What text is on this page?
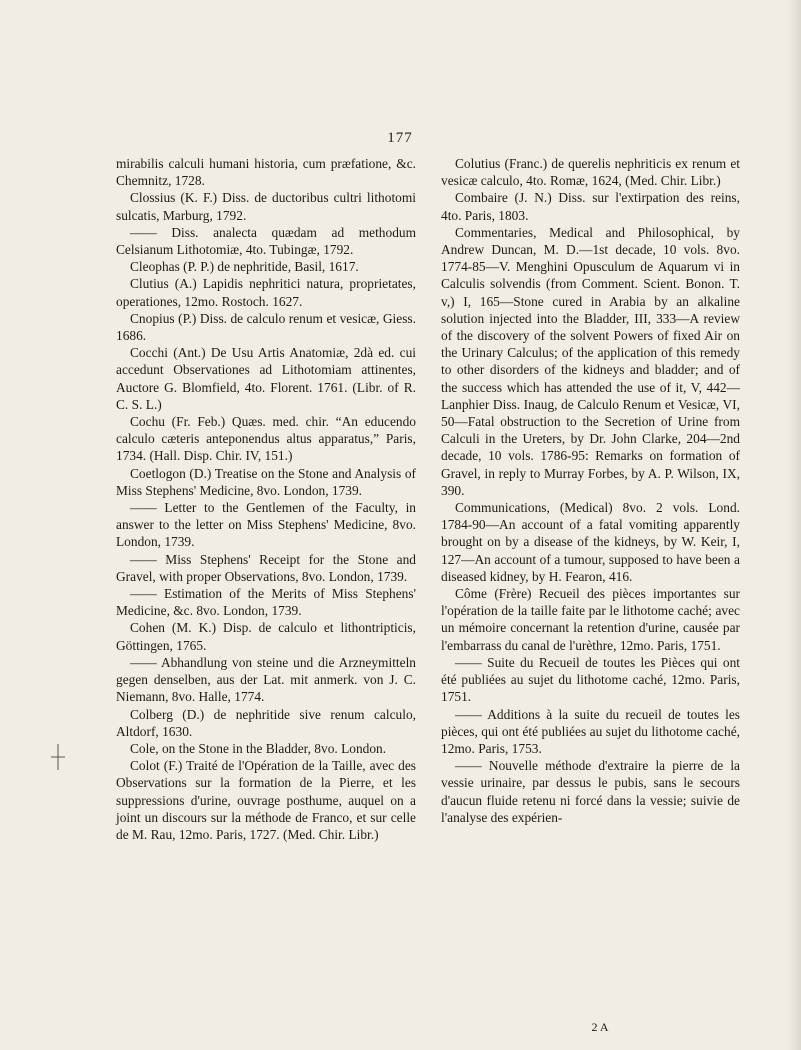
177

mirabilis calculi humani historia, cum præfatione, &c. Chemnitz, 1728.

Clossius (K. F.) Diss. de ductoribus cultri lithotomi sulcatis, Marburg, 1792.

—— Diss. analecta quædam ad methodum Celsianum Lithotomiæ, 4to. Tubingæ, 1792.

Cleophas (P. P.) de nephritide, Basil, 1617.

Clutius (A.) Lapidis nephritici natura, proprietates, operationes, 12mo. Rostoch. 1627.

Cnopius (P.) Diss. de calculo renum et vesicæ, Giess. 1686.

Cocchi (Ant.) De Usu Artis Anatomiæ, 2dà ed. cui accedunt Observationes ad Lithotomiam attinentes, Auctore G. Blomfield, 4to. Florent. 1761. (Libr. of R. C. S. L.)

Cochu (Fr. Feb.) Quæs. med. chir. “An educendo calculo cæteris anteponendus altus apparatus,” Paris, 1734. (Hall. Disp. Chir. IV, 151.)

Coetlogon (D.) Treatise on the Stone and Analysis of Miss Stephens' Medicine, 8vo. London, 1739.

—— Letter to the Gentlemen of the Faculty, in answer to the letter on Miss Stephens' Medicine, 8vo. London, 1739.

—— Miss Stephens' Receipt for the Stone and Gravel, with proper Observations, 8vo. London, 1739.

—— Estimation of the Merits of Miss Stephens' Medicine, &c. 8vo. London, 1739.

Cohen (M. K.) Disp. de calculo et lithontripticis, Göttingen, 1765.

—— Abhandlung von steine und die Arzneymitteln gegen denselben, aus der Lat. mit anmerk. von J. C. Niemann, 8vo. Halle, 1774.

Colberg (D.) de nephritide sive renum calculo, Altdorf, 1630.

Cole, on the Stone in the Bladder, 8vo. London.

Colot (F.) Traité de l'Opération de la Taille, avec des Observations sur la formation de la Pierre, et les suppressions d'urine, ouvrage posthume, auquel on a joint un discours sur la méthode de Franco, et sur celle de M. Rau, 12mo. Paris, 1727. (Med. Chir. Libr.)

Colutius (Franc.) de querelis nephriticis ex renum et vesicæ calculo, 4to. Romæ, 1624, (Med. Chir. Libr.)

Combaire (J. N.) Diss. sur l'extirpation des reins, 4to. Paris, 1803.

Commentaries, Medical and Philosophical, by Andrew Duncan, M. D.—1st decade, 10 vols. 8vo. 1774-85—V. Menghini Opusculum de Aquarum vi in Calculis solvendis (from Comment. Scient. Bonon. T. v,) I, 165—Stone cured in Arabia by an alkaline solution injected into the Bladder, III, 333—A review of the discovery of the solvent Powers of fixed Air on the Urinary Calculus; of the application of this remedy to other disorders of the kidneys and bladder; and of the success which has attended the use of it, V, 442—Lanphier Diss. Inaug, de Calculo Renum et Vesicæ, VI, 50—Fatal obstruction to the Secretion of Urine from Calculi in the Ureters, by Dr. John Clarke, 204—2nd decade, 10 vols. 1786-95: Remarks on formation of Gravel, in reply to Murray Forbes, by A. P. Wilson, IX, 390.

Communications, (Medical) 8vo. 2 vols. Lond. 1784-90—An account of a fatal vomiting apparently brought on by a disease of the kidneys, by W. Keir, I, 127—An account of a tumour, supposed to have been a diseased kidney, by H. Fearon, 416.

Côme (Frère) Recueil des pièces importantes sur l'opération de la taille faite par le lithotome caché; avec un mémoire concernant la retention d'urine, causée par l'embarrass du canal de l'urèthre, 12mo. Paris, 1751.

—— Suite du Recueil de toutes les Pièces qui ont été publiées au sujet du lithotome caché, 12mo. Paris, 1751.

—— Additions à la suite du recueil de toutes les pièces, qui ont été publiées au sujet du lithotome caché, 12mo. Paris, 1753.

—— Nouvelle méthode d'extraire la pierre de la vessie urinaire, par dessus le pubis, sans le secours d'aucun fluide retenu ni forcé dans la vessie; suivie de l'analyse des expérien-

2 A
